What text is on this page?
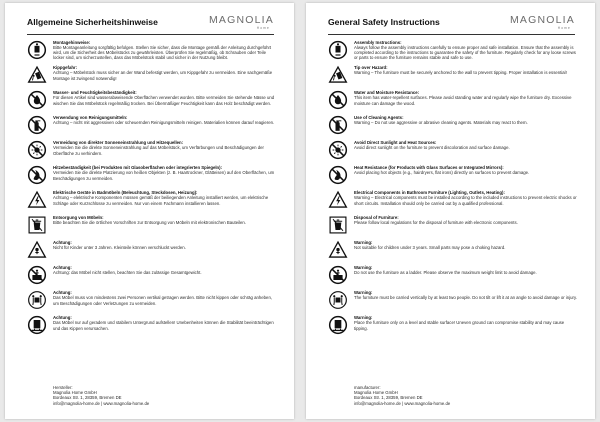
Allgemeine Sicherheitshinweise	MAGNOLIA
Home
Montagehinweise:
Bitte Montageanleitung sorgfältig befolgen. Stellen Sie sicher, dass die Montage gemäß der Anleitung durchgeführt wird, um die Sicherheit des Möbelstücks zu gewährleisten. Überprüfen Sie regelmäßig, ob Schrauben oder Teile locker sind, um sicherzustellen, dass das Möbelstück stabil und sicher in der Nutzung bleibt.
Kippgefahr:
Achtung – Möbelstück muss sicher an der Wand befestigt werden, um Kippgefahr zu vermeiden. Eine sachgemäße Montage ist zwingend notwendig!
Wasser- und Feuchtigkeitsbeständigkeit:
Für diesen Artikel sind wasserabweisende Oberflächen verwendet worden. Bitte vermeiden Sie stehende Nässe und wischen Sie das Möbelstück regelmäßig trocken. Bei Übermäßiger Feuchtigkeit kann das Holz beschädigt werden.
Verwendung von Reinigungsmitteln:
Achtung – nicht mit aggressiven oder scheuernden Reinigungsmitteln reinigen. Materialien können darauf reagieren.
Vermeidung von direkter Sonneneinstrahlung und Hitzequellen:
Vermeiden Sie die direkte Sonneneinstrahlung auf das Möbelstück, um Verfärbungen und Beschädigungen der Oberfläche zu verhindern.
Hitzebeständigkeit (bei Produkten mit Glasoberflächen oder integrierten Spiegeln):
Vermeiden Sie die direkte Platzierung von heißen Objekten (z. B. Haartrockner, Glätteisen) auf den Oberflächen, um Beschädigungen zu vermeiden.
Elektrische Geräte in Badmöbeln (Beleuchtung, Steckdosen, Heizung):
Achtung – elektrische Komponenten müssen gemäß der beiliegenden Anleitung installiert werden, um elektrische Schläge oder Kurzschlüsse zu vermeiden. Nur von einem Fachmann installieren lassen.
Entsorgung von Möbeln:
Bitte beachten Sie die örtlichen Vorschriften zur Entsorgung von Möbeln mit elektronischen Bauteilen.
Achtung:
Nicht für Kinder unter 3 Jahren. Kleinteile können verschluckt werden.
Achtung:
Achtung: das Möbel nicht stellen, beachten Sie das zulässige Gesamtgewicht.
Achtung:
Das Möbel muss von mindestens zwei Personen vertikal getragen werden. Bitte nicht kippen oder schräg anheben, um Beschädigungen oder Verletzungen zu vermeiden.
Achtung:
Das Möbel nur auf geradem und stabilem Untergrund aufstellen! Unebenheiten können die Stabilität beeinträchtigen und das Kippen verursachen.
Hersteller:
Magnolia Home GmbH
Bordeaux Str. 1, 28359, Bremen DE
info@magnolia-home.de | www.magnolia-home.de
General Safety Instructions	MAGNOLIA
Home
Assembly Instructions:
Always follow the assembly instructions carefully to ensure proper and safe installation. Ensure that the assembly is completed according to the instructions to guarantee the safety of the furniture. Regularly check for any loose screws or parts to ensure the furniture remains stable and safe to use.
Tip over Hazard:
Warning – The furniture must be securely anchored to the wall to prevent tipping. Proper installation is essential!
Water and Moisture Resistance:
This item has water-repellent surfaces. Please avoid standing water and regularly wipe the furniture dry. Excessive moisture can damage the wood.
Use of Cleaning Agents:
Warning – Do not use aggressive or abrasive cleaning agents. Materials may react to them.
Avoid Direct Sunlight and Heat Sources:
Avoid direct sunlight on the furniture to prevent discoloration and surface damage.
Heat Resistance (for Products with Glass Surfaces or Integrated Mirrors):
Avoid placing hot objects (e.g., hairdryers, flat irons) directly on surfaces to prevent damage.
Electrical Components in Bathroom Furniture (Lighting, Outlets, Heating):
Warning – Electrical components must be installed according to the included instructions to prevent electric shocks or short circuits. Installation should only be carried out by a qualified professional.
Disposal of Furniture:
Please follow local regulations for the disposal of furniture with electronic components.
Warning:
Not suitable for children under 3 years. Small parts may pose a choking hazard.
Warning:
Do not use the furniture as a ladder. Please observe the maximum weight limit to avoid damage.
Warning:
The furniture must be carried vertically by at least two people. Do not tilt or lift it at an angle to avoid damage or injury.
Warning:
Place the furniture only on a level and stable surface! Uneven ground can compromise stability and may cause tipping.
manufacturer:
Magnolia Home GmbH
Bordeaux Str. 1, 28359, Bremen DE
info@magnolia-home.de | www.magnolia-home.de
